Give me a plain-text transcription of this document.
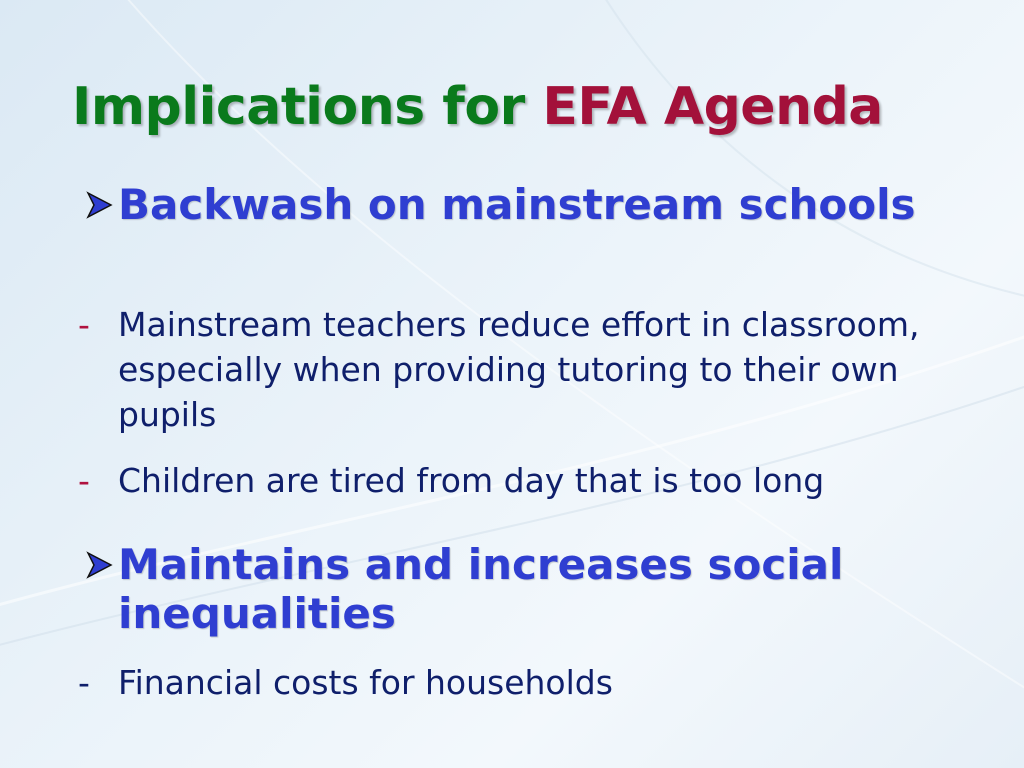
Implications for EFA Agenda
Backwash on mainstream schools
- Mainstream teachers reduce effort in classroom, especially when providing tutoring to their own pupils
- Children are tired from day that is too long
Maintains and increases social inequalities
- Financial costs for households
